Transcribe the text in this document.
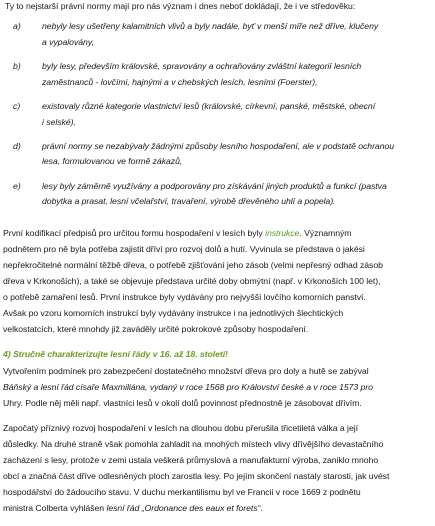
Ty to nejstarší právní normy mají pro nás význam i dnes neboť dokládají, že i ve středověku:
a) nebyly lesy ušetřeny kalamitních vlivů a byly nadále, byť v menší míře než dříve, klučeny
a vypalovány,
b) byly lesy, především královské, spravovány a ochraňovány zvláštní kategorií lesních
zaměstnanců - lovčími, hajnými a v chebských lesích, lesními (Foerster),
c)	existovaly různé kategorie vlastnictví lesů (královské, církevní, panské, městské, obecní
i selské),
d) právní normy se nezabývaly žádnými způsoby lesního hospodaření, ale v podstatě ochranou
lesa, formulovanou ve formě zákazů,
e) lesy byly záměrně využívány a podporovány pro získávání jiných produktů a funkcí (pastva
dobytka a prasat, lesní včelařství, travaření, výrobě dřevěného uhlí a popela).
První kodifikací předpisů pro určitou formu hospodaření v lesích byly instrukce. Významným
podnětem pro ně byla potřeba zajistit dříví pro rozvoj dolů a hutí. Vyvinula se představa o jakési
nepřekročitelné normální těžbě dřeva, o potřebě zjišťování jeho zásob (velmi nepřesný odhad zásob
dřeva v Krkonoších), a také se objevuje představa určité doby obmýtní (např. v Krkonoších 100 let),
o potřebě zamaření lesů. První instrukce byly vydávány pro nejvyšší lovčího komorních panství.
Avšak po vzoru komorních instrukcí byly vydávány instrukce i na jednotlivých šlechtických
velkostatcích, které mnohdy již zaváděly určité pokrokové způsoby hospodaření.
4) Stručně charakterizujte lesní řády v 16. až 18. století!
Vytvořením podmínek pro zabezpečení dostatečného množství dřeva pro doly a hutě se zabýval
Báňský a lesní řád císaře Maxmiliána, vydaný v roce 1568 pro Království české a v roce 1573 pro
Uhry. Podle něj měli např. vlastníci lesů v okolí dolů povinnost přednostně je zásobovat dřívím.
Započatý příznivý rozvoj hospodaření v lesích na dlouhou dobu přerušila třicetiletá válka a její
důsledky. Na druhé straně však pomohla zahladit na mnohých místech vlivy dřívějšího devastačního
zacházení s lesy, protože v zemi ustala veškerá průmyslová a manufakturní výroba, zaniklo mnoho
obcí a značná část dříve odlesněných ploch zarostla lesy. Po jejím skončení nastaly starosti, jak uvést
hospodářství do žádoucího stavu. V duchu merkantilismu byl ve Francii v roce 1669 z podnětu
ministra Colberta vyhlášen lesní řád „Ordonance des eaux et forets“.
